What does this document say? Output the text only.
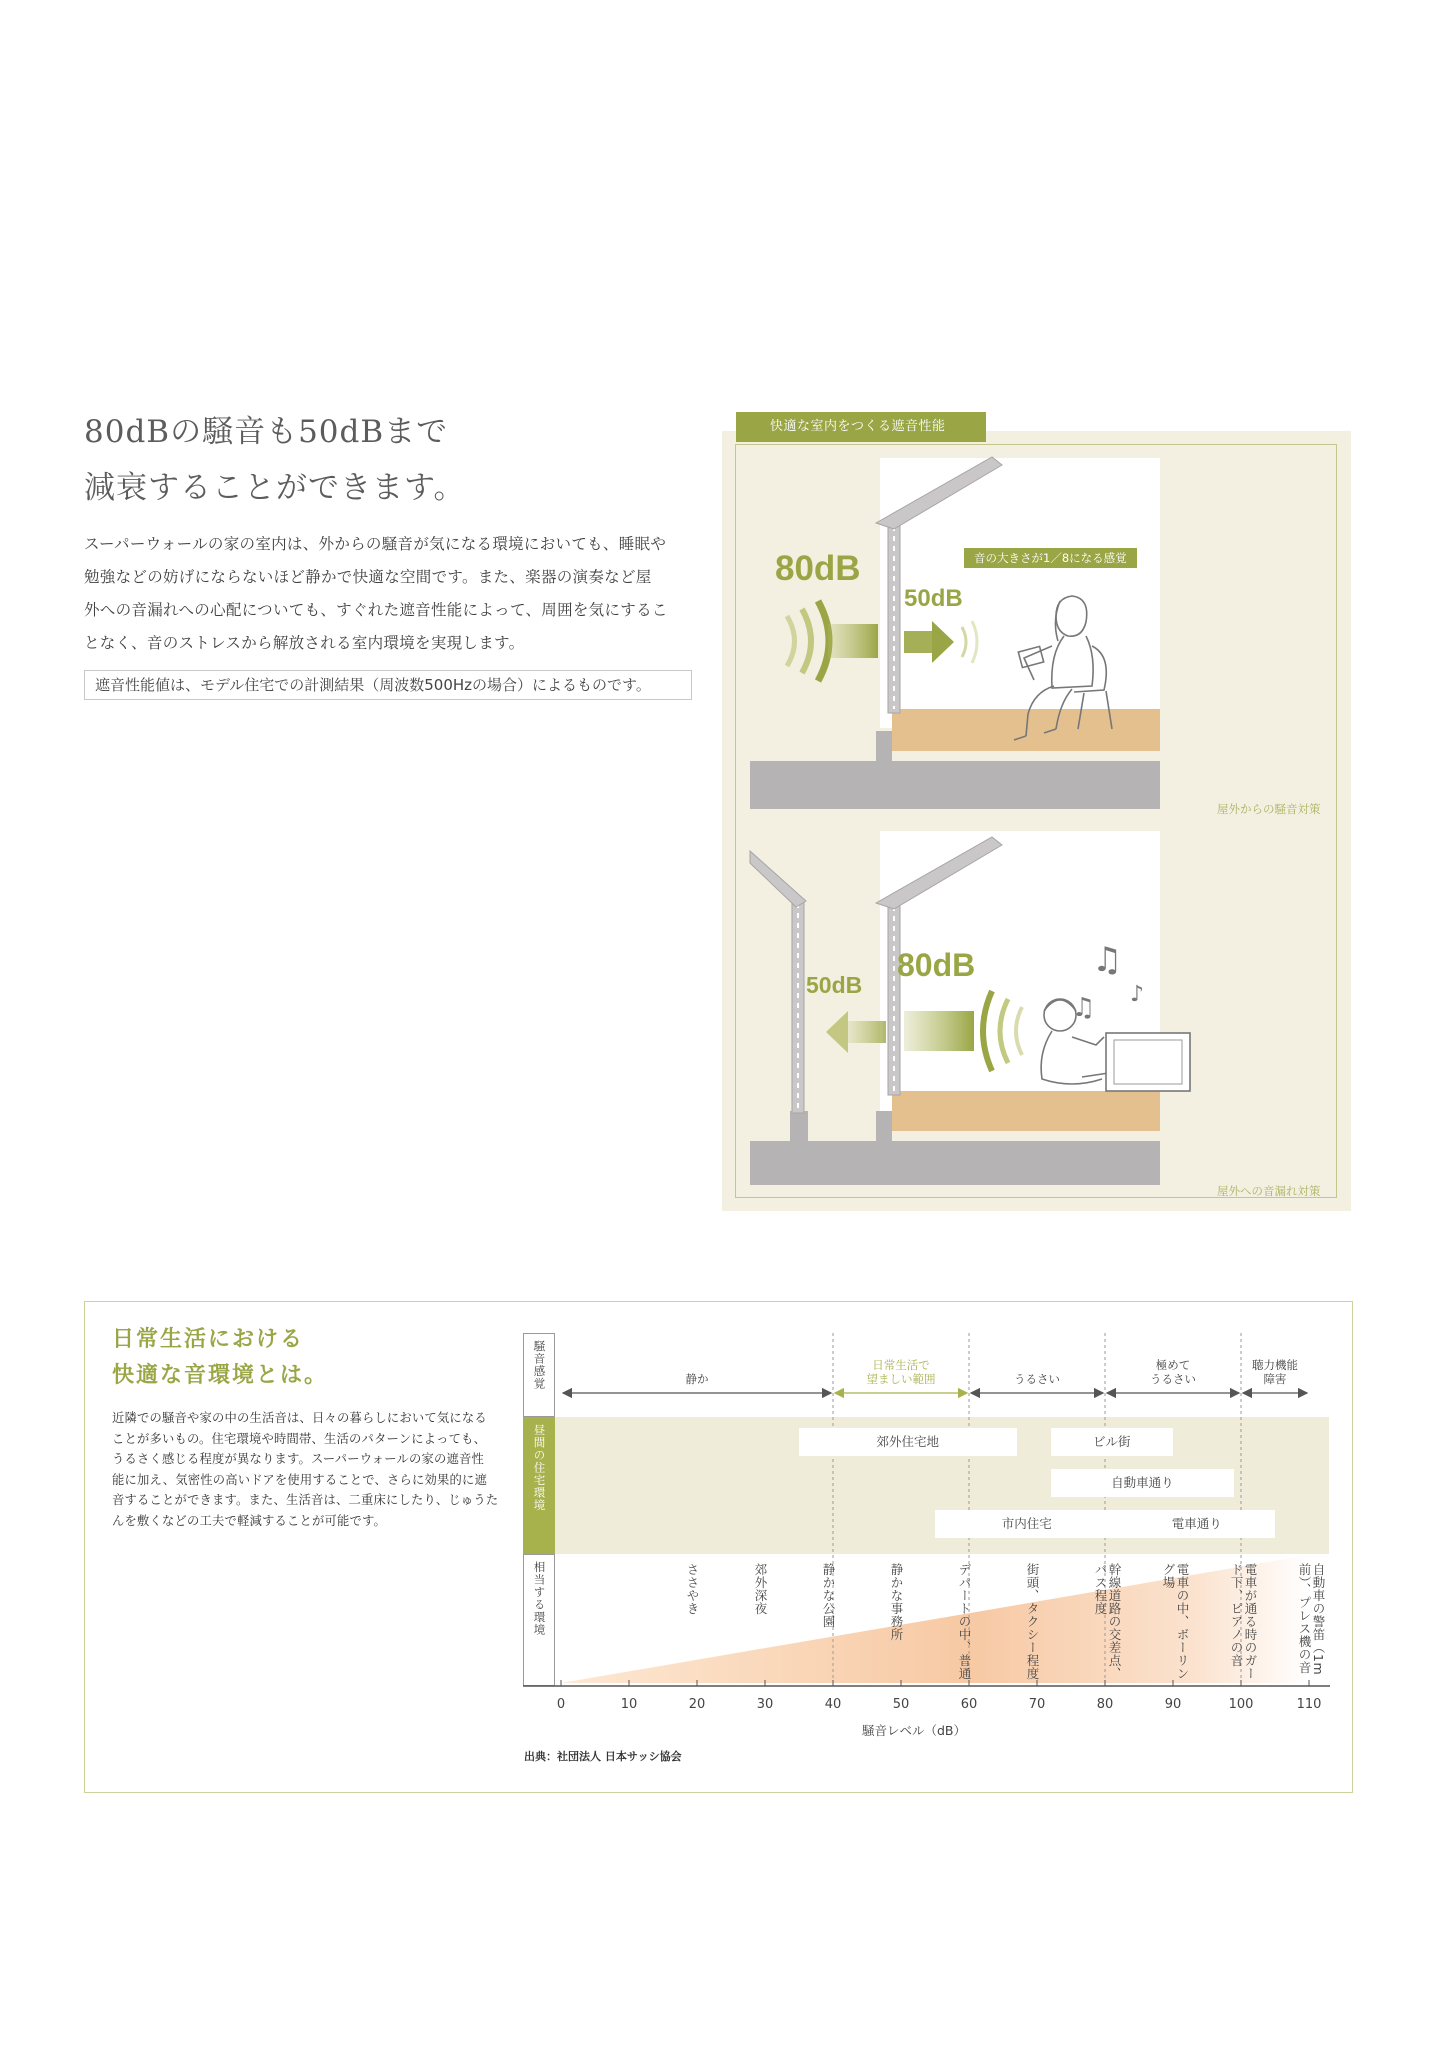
80dBの騒音も50dBまで
減衰することができます。
スーパーウォールの家の室内は、外からの騒音が気になる環境においても、睡眠や
勉強などの妨げにならないほど静かで快適な空間です。また、楽器の演奏など屋
外への音漏れへの心配についても、すぐれた遮音性能によって、周囲を気にするこ
となく、音のストレスから解放される室内環境を実現します。
遮音性能値は、モデル住宅での計測結果（周波数500Hzの場合）によるものです。
快適な室内をつくる遮音性能
♫
♫ ♪
80dB
50dB
音の大きさが1／8になる感覚
屋外からの騒音対策
50dB
80dB
屋外への音漏れ対策
日常生活における
快適な音環境とは。
近隣での騒音や家の中の生活音は、日々の暮らしにおいて気になる
ことが多いもの。住宅環境や時間帯、生活のパターンによっても、
うるさく感じる程度が異なります。スーパーウォールの家の遮音性
能に加え、気密性の高いドアを使用することで、さらに効果的に遮
音することができます。また、生活音は、二重床にしたり、じゅうた
んを敷くなどの工夫で軽減することが可能です。
騒音感覚
昼間の住宅環境
相当する環境
静か
日常生活で
望ましい範囲	うるさい
極めて
うるさい
聴力機能
障害
郊外住宅地	ビル街
自動車通り
市内住宅	電車通り
ささやき	郊外深夜	静かな公園	静かな事務所	デパートの中、普通	街頭、タクシー程度	幹線道路の交差点、バス程度	電車の中、ボーリング場	電車が通る時のガード下、ピアノの音	自動車の警笛（1m前）、プレス機の音
0	10	20	30	40	50	60	70	80	90	100	110
騒音レベル（dB）
出典：社団法人 日本サッシ協会
